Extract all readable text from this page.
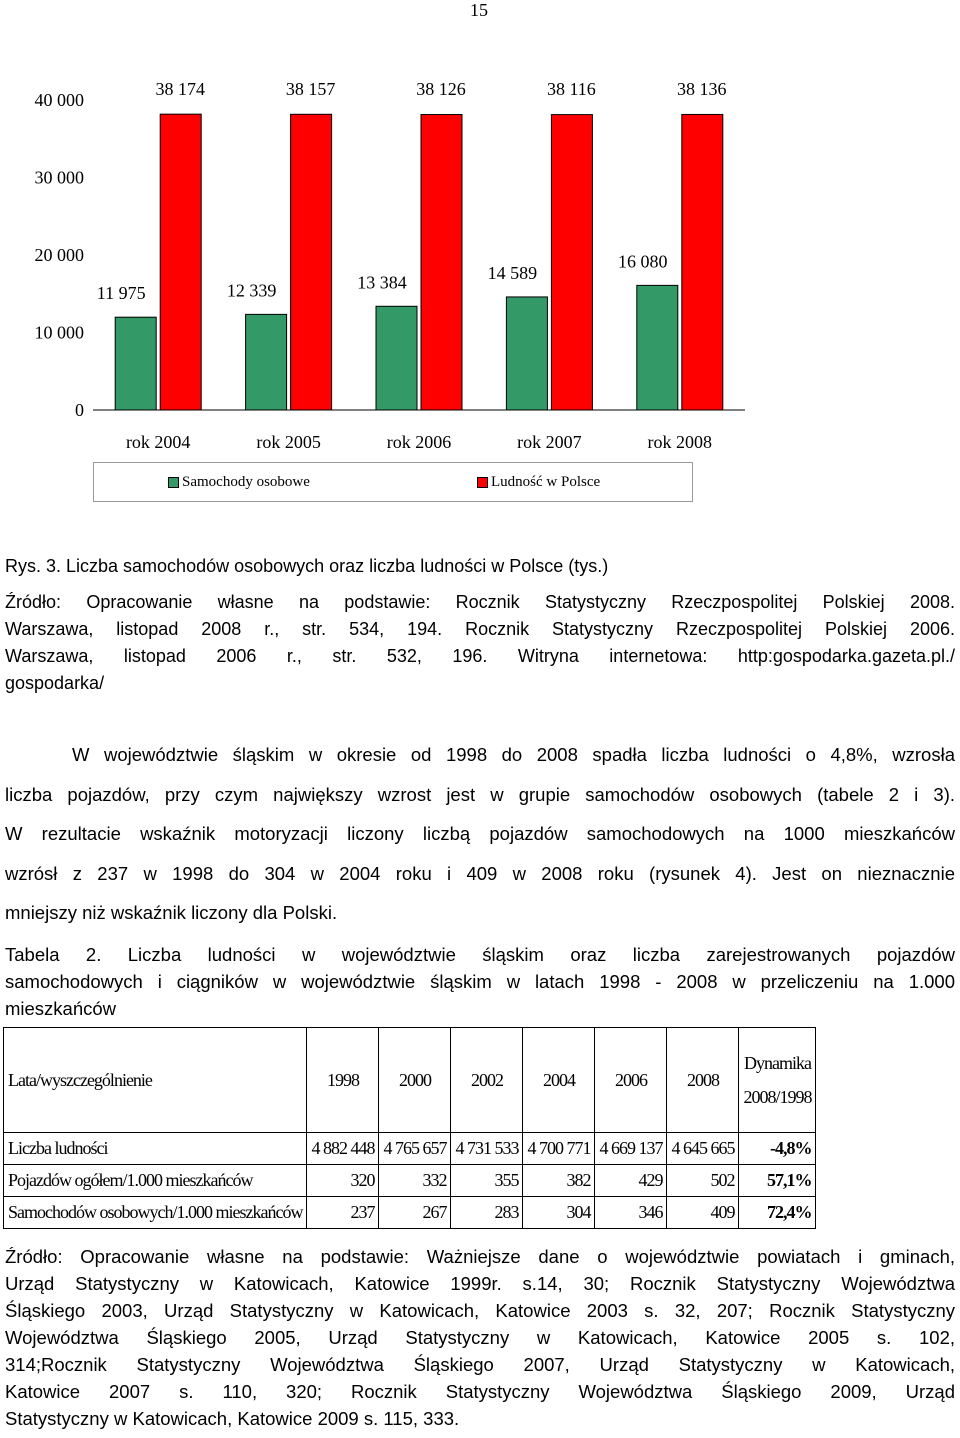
15
0
10 000
20 000
30 000
40 000
rok 2004
11 975
38 174
rok 2005
12 339
38 157
rok 2006
13 384
38 126
rok 2007
14 589
38 116
rok 2008
16 080
38 136
Samochody osobowe	Ludność w Polsce
Rys. 3. Liczba samochodów osobowych oraz liczba ludności w Polsce (tys.)
Źródło: Opracowanie własne na podstawie: Rocznik Statystyczny Rzeczpospolitej Polskiej 2008.
Warszawa, listopad 2008 r., str. 534, 194. Rocznik Statystyczny Rzeczpospolitej Polskiej 2006.
Warszawa, listopad 2006 r., str. 532, 196. Witryna internetowa: http:gospodarka.gazeta.pl./
gospodarka/
W województwie śląskim w okresie od 1998 do 2008 spadła liczba ludności o 4,8%, wzrosła
liczba pojazdów, przy czym największy wzrost jest w grupie samochodów osobowych (tabele 2 i 3).
W rezultacie wskaźnik motoryzacji liczony liczbą pojazdów samochodowych na 1000 mieszkańców
wzrósł z 237 w 1998 do 304 w 2004 roku i 409 w 2008 roku (rysunek 4). Jest on nieznacznie
mniejszy niż wskaźnik liczony dla Polski.
Tabela 2. Liczba ludności w województwie śląskim oraz liczba zarejestrowanych pojazdów
samochodowych i ciągników w województwie śląskim w latach 1998 - 2008 w przeliczeniu na 1.000
mieszkańców
Lata/wyszczególnienie	1998	2000	2002	2004	2006	2008	Dynamika
2008/1998
Liczba ludności	4 882 448	4 765 657	4 731 533	4 700 771	4 669 137	4 645 665	-4,8%
Pojazdów ogółem/1.000 mieszkańców	320	332	355	382	429	502	57,1%
Samochodów osobowych/1.000 mieszkańców	237	267	283	304	346	409	72,4%
Źródło: Opracowanie własne na podstawie: Ważniejsze dane o województwie powiatach i gminach,
Urząd Statystyczny w Katowicach, Katowice 1999r. s.14, 30; Rocznik Statystyczny Województwa
Śląskiego 2003, Urząd Statystyczny w Katowicach, Katowice 2003 s. 32, 207; Rocznik Statystyczny
Województwa Śląskiego 2005, Urząd Statystyczny w Katowicach, Katowice 2005 s. 102,
314;Rocznik Statystyczny Województwa Śląskiego 2007, Urząd Statystyczny w Katowicach,
Katowice 2007 s. 110, 320; Rocznik Statystyczny Województwa Śląskiego 2009, Urząd
Statystyczny w Katowicach, Katowice 2009 s. 115, 333.
